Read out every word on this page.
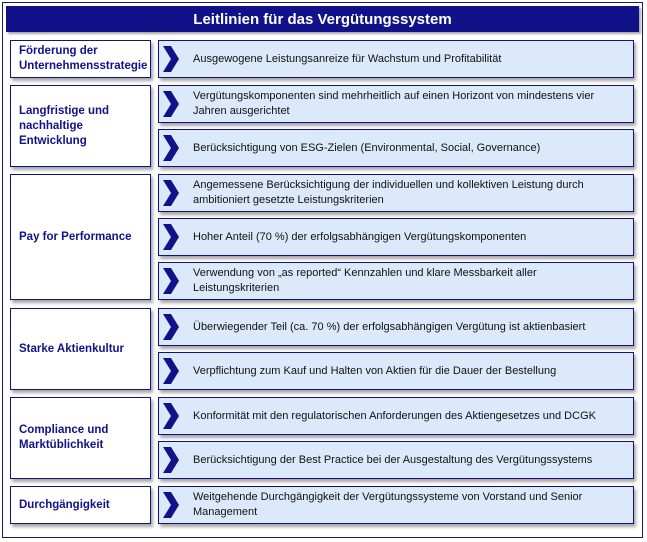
Leitlinien für das Vergütungssystem
Förderung der Unternehmensstrategie
Ausgewogene Leistungsanreize für Wachstum und Profitabilität
Langfristige und nachhaltige Entwicklung
Vergütungskomponenten sind mehrheitlich auf einen Horizont von mindestens vier Jahren ausgerichtet
Berücksichtigung von ESG-Zielen (Environmental, Social, Governance)
Pay for Performance
Angemessene Berücksichtigung der individuellen und kollektiven Leistung durch ambitioniert gesetzte Leistungskriterien
Hoher Anteil (70 %) der erfolgsabhängigen Vergütungskomponenten
Verwendung von „as reported“ Kennzahlen und klare Messbarkeit aller Leistungskriterien
Starke Aktienkultur
Überwiegender Teil (ca. 70 %) der erfolgsabhängigen Vergütung ist aktienbasiert
Verpflichtung zum Kauf und Halten von Aktien für die Dauer der Bestellung
Compliance und Marktüblichkeit
Konformität mit den regulatorischen Anforderungen des Aktiengesetzes und DCGK
Berücksichtigung der Best Practice bei der Ausgestaltung des Vergütungssystems
Durchgängigkeit
Weitgehende Durchgängigkeit der Vergütungssysteme von Vorstand und Senior Management
